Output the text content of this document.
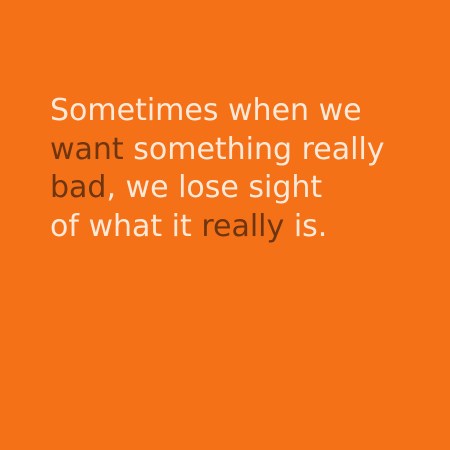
Sometimes when we
want something really
bad, we lose sight
of what it really is.
